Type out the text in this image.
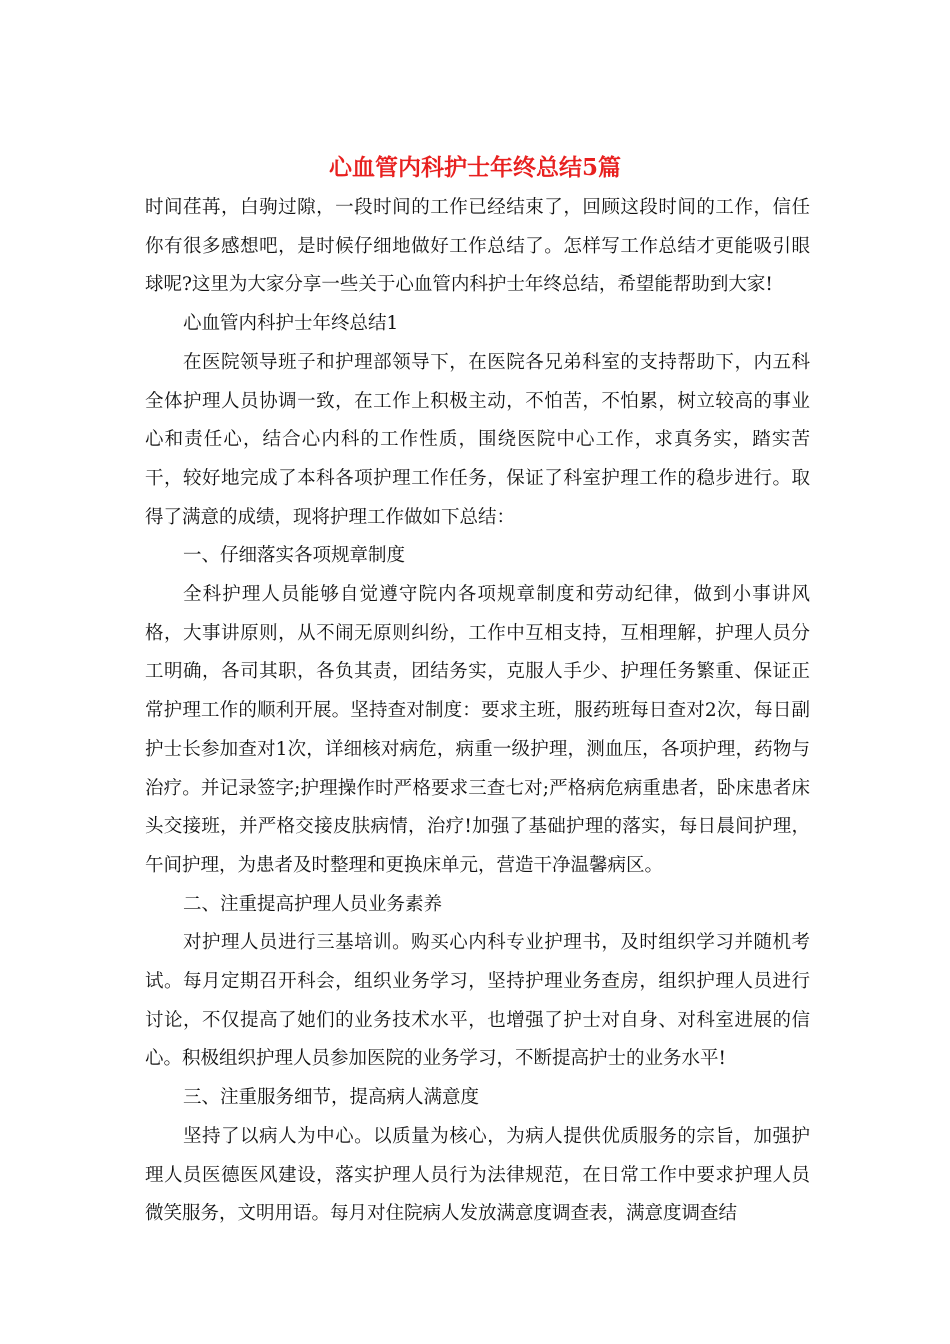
心血管内科护士年终总结5篇

时间荏苒，白驹过隙，一段时间的工作已经结束了，回顾这段时间的工作，信任你有很多感想吧，是时候仔细地做好工作总结了。怎样写工作总结才更能吸引眼球呢?这里为大家分享一些关于心血管内科护士年终总结，希望能帮助到大家!

心血管内科护士年终总结1

在医院领导班子和护理部领导下，在医院各兄弟科室的支持帮助下，内五科全体护理人员协调一致，在工作上积极主动，不怕苦，不怕累，树立较高的事业心和责任心，结合心内科的工作性质，围绕医院中心工作，求真务实，踏实苦干，较好地完成了本科各项护理工作任务，保证了科室护理工作的稳步进行。取得了满意的成绩，现将护理工作做如下总结：

一、仔细落实各项规章制度

全科护理人员能够自觉遵守院内各项规章制度和劳动纪律，做到小事讲风格，大事讲原则，从不闹无原则纠纷，工作中互相支持，互相理解，护理人员分工明确，各司其职，各负其责，团结务实，克服人手少、护理任务繁重、保证正常护理工作的顺利开展。坚持查对制度：要求主班，服药班每日查对2次，每日副护士长参加查对1次，详细核对病危，病重一级护理，测血压，各项护理，药物与治疗。并记录签字;护理操作时严格要求三查七对;严格病危病重患者，卧床患者床头交接班，并严格交接皮肤病情，治疗!加强了基础护理的落实，每日晨间护理，午间护理，为患者及时整理和更换床单元，营造干净温馨病区。

二、注重提高护理人员业务素养

对护理人员进行三基培训。购买心内科专业护理书，及时组织学习并随机考试。每月定期召开科会，组织业务学习，坚持护理业务查房，组织护理人员进行讨论，不仅提高了她们的业务技术水平，也增强了护士对自身、对科室进展的信心。积极组织护理人员参加医院的业务学习，不断提高护士的业务水平!

三、注重服务细节，提高病人满意度

坚持了以病人为中心。以质量为核心，为病人提供优质服务的宗旨，加强护理人员医德医风建设，落实护理人员行为法律规范，在日常工作中要求护理人员微笑服务，文明用语。每月对住院病人发放满意度调查表，满意度调查结
